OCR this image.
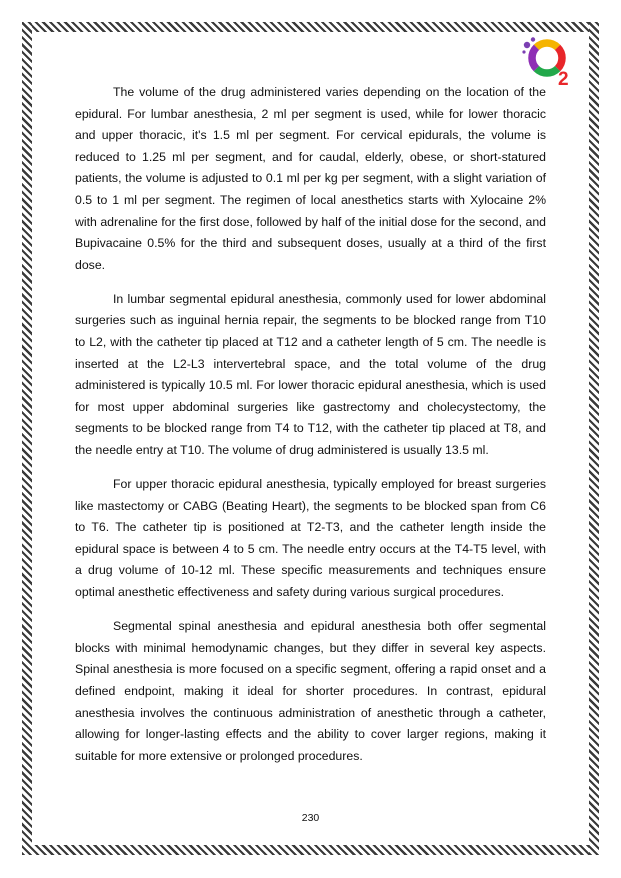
2

The volume of the drug administered varies depending on the location of the epidural. For lumbar anesthesia, 2 ml per segment is used, while for lower thoracic and upper thoracic, it's 1.5 ml per segment. For cervical epidurals, the volume is reduced to 1.25 ml per segment, and for caudal, elderly, obese, or short-statured patients, the volume is adjusted to 0.1 ml per kg per segment, with a slight variation of 0.5 to 1 ml per segment. The regimen of local anesthetics starts with Xylocaine 2% with adrenaline for the first dose, followed by half of the initial dose for the second, and Bupivacaine 0.5% for the third and subsequent doses, usually at a third of the first dose.

In lumbar segmental epidural anesthesia, commonly used for lower abdominal surgeries such as inguinal hernia repair, the segments to be blocked range from T10 to L2, with the catheter tip placed at T12 and a catheter length of 5 cm. The needle is inserted at the L2-L3 intervertebral space, and the total volume of the drug administered is typically 10.5 ml. For lower thoracic epidural anesthesia, which is used for most upper abdominal surgeries like gastrectomy and cholecystectomy, the segments to be blocked range from T4 to T12, with the catheter tip placed at T8, and the needle entry at T10. The volume of drug administered is usually 13.5 ml.

For upper thoracic epidural anesthesia, typically employed for breast surgeries like mastectomy or CABG (Beating Heart), the segments to be blocked span from C6 to T6. The catheter tip is positioned at T2-T3, and the catheter length inside the epidural space is between 4 to 5 cm. The needle entry occurs at the T4-T5 level, with a drug volume of 10-12 ml. These specific measurements and techniques ensure optimal anesthetic effectiveness and safety during various surgical procedures.

Segmental spinal anesthesia and epidural anesthesia both offer segmental blocks with minimal hemodynamic changes, but they differ in several key aspects. Spinal anesthesia is more focused on a specific segment, offering a rapid onset and a defined endpoint, making it ideal for shorter procedures. In contrast, epidural anesthesia involves the continuous administration of anesthetic through a catheter, allowing for longer-lasting effects and the ability to cover larger regions, making it suitable for more extensive or prolonged procedures.

230
